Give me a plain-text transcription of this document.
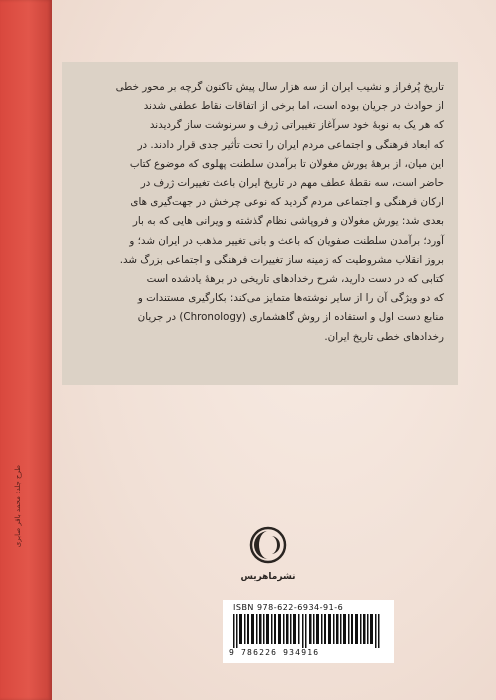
طرح جلد: محمد باقر صابری

تاریخ پُرفراز و نشیب ایران از سه هزار سال پیش تاکنون گرچه بر محور خطی
از حوادث در جریان بوده است، اما برخی از اتفاقات نقاط عطفی شدند
که هر یک به نوبهٔ خود سرآغاز تغییراتی ژرف و سرنوشت ساز گردیدند
که ابعاد فرهنگی و اجتماعی مردم ایران را تحت تأثیر جدی قرار دادند. در
این میان، از برههٔ یورش مغولان تا برآمدن سلطنت پهلوی که موضوع کتاب
حاضر است، سه نقطهٔ عطف مهم در تاریخ ایران باعث تغییرات ژرف در
ارکان فرهنگی و اجتماعی مردم گردید که نوعی چرخش در جهت‌گیری های
بعدی شد: یورش مغولان و فروپاشی نظام گذشته و ویرانی هایی که به بار
آورد؛ برآمدن سلطنت صفویان که باعث و بانی تغییر مذهب در ایران شد؛ و
بروز انقلاب مشروطیت که زمینه ساز تغییرات فرهنگی و اجتماعی بزرگ شد.
کتابی که در دست دارید، شرح رخدادهای تاریخی در برههٔ یادشده است
که دو ویژگی آن را از سایر نوشته‌ها متمایز می‌کند: بکارگیری مستندات و
منابع دست اول و استفاده از روش گاهشماری (Chronology) در جریان
رخدادهای خطی تاریخ ایران.

نشرماهریس
ISBN 978-622-6934-91-6
9 786226 934916
